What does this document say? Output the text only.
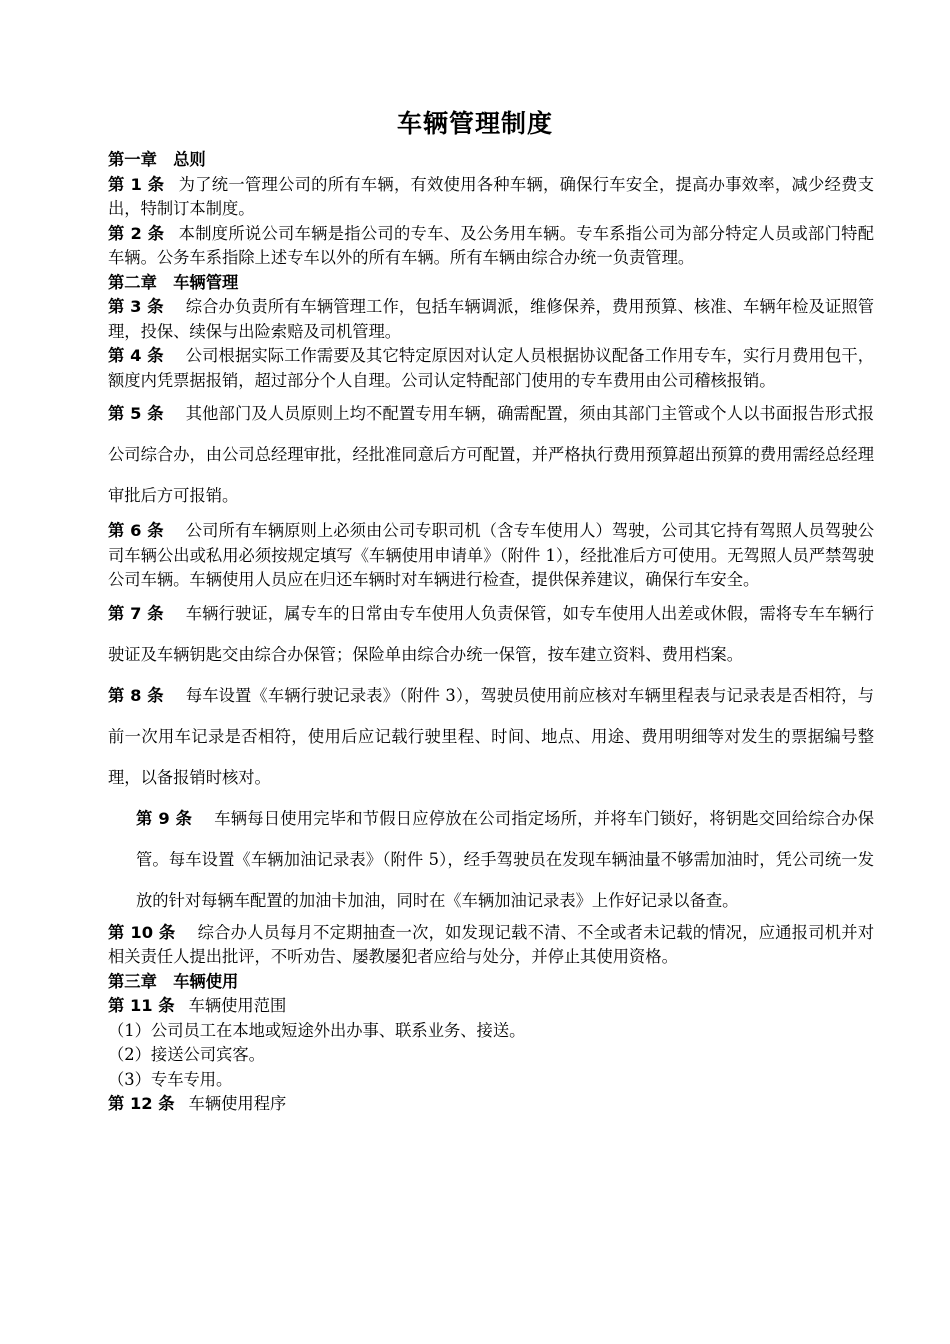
车辆管理制度

第一章　总则

第 1 条 为了统一管理公司的所有车辆，有效使用各种车辆，确保行车安全，提高办事效率，减少经费支出，特制订本制度。

第 2 条 本制度所说公司车辆是指公司的专车、及公务用车辆。专车系指公司为部分特定人员或部门特配车辆。公务车系指除上述专车以外的所有车辆。所有车辆由综合办统一负责管理。

第二章　车辆管理

第 3 条 综合办负责所有车辆管理工作，包括车辆调派，维修保养，费用预算、核准、车辆年检及证照管理，投保、续保与出险索赔及司机管理。

第 4 条 公司根据实际工作需要及其它特定原因对认定人员根据协议配备工作用专车，实行月费用包干，额度内凭票据报销，超过部分个人自理。公司认定特配部门使用的专车费用由公司稽核报销。

第 5 条 其他部门及人员原则上均不配置专用车辆，确需配置，须由其部门主管或个人以书面报告形式报公司综合办，由公司总经理审批，经批准同意后方可配置，并严格执行费用预算超出预算的费用需经总经理审批后方可报销。

第 6 条 公司所有车辆原则上必须由公司专职司机（含专车使用人）驾驶，公司其它持有驾照人员驾驶公司车辆公出或私用必须按规定填写《车辆使用申请单》（附件 1），经批准后方可使用。无驾照人员严禁驾驶公司车辆。车辆使用人员应在归还车辆时对车辆进行检查，提供保养建议，确保行车安全。

第 7 条 车辆行驶证，属专车的日常由专车使用人负责保管，如专车使用人出差或休假，需将专车车辆行驶证及车辆钥匙交由综合办保管；保险单由综合办统一保管，按车建立资料、费用档案。

第 8 条 每车设置《车辆行驶记录表》（附件 3），驾驶员使用前应核对车辆里程表与记录表是否相符，与前一次用车记录是否相符，使用后应记载行驶里程、时间、地点、用途、费用明细等对发生的票据编号整理，以备报销时核对。

第 9 条 车辆每日使用完毕和节假日应停放在公司指定场所，并将车门锁好，将钥匙交回给综合办保管。每车设置《车辆加油记录表》（附件 5），经手驾驶员在发现车辆油量不够需加油时，凭公司统一发放的针对每辆车配置的加油卡加油，同时在《车辆加油记录表》上作好记录以备查。

第 10 条 综合办人员每月不定期抽查一次，如发现记载不清、不全或者未记载的情况，应通报司机并对相关责任人提出批评，不听劝告、屡教屡犯者应给与处分，并停止其使用资格。

第三章　车辆使用

第 11 条 车辆使用范围

（1）公司员工在本地或短途外出办事、联系业务、接送。

（2）接送公司宾客。

（3）专车专用。

第 12 条 车辆使用程序
